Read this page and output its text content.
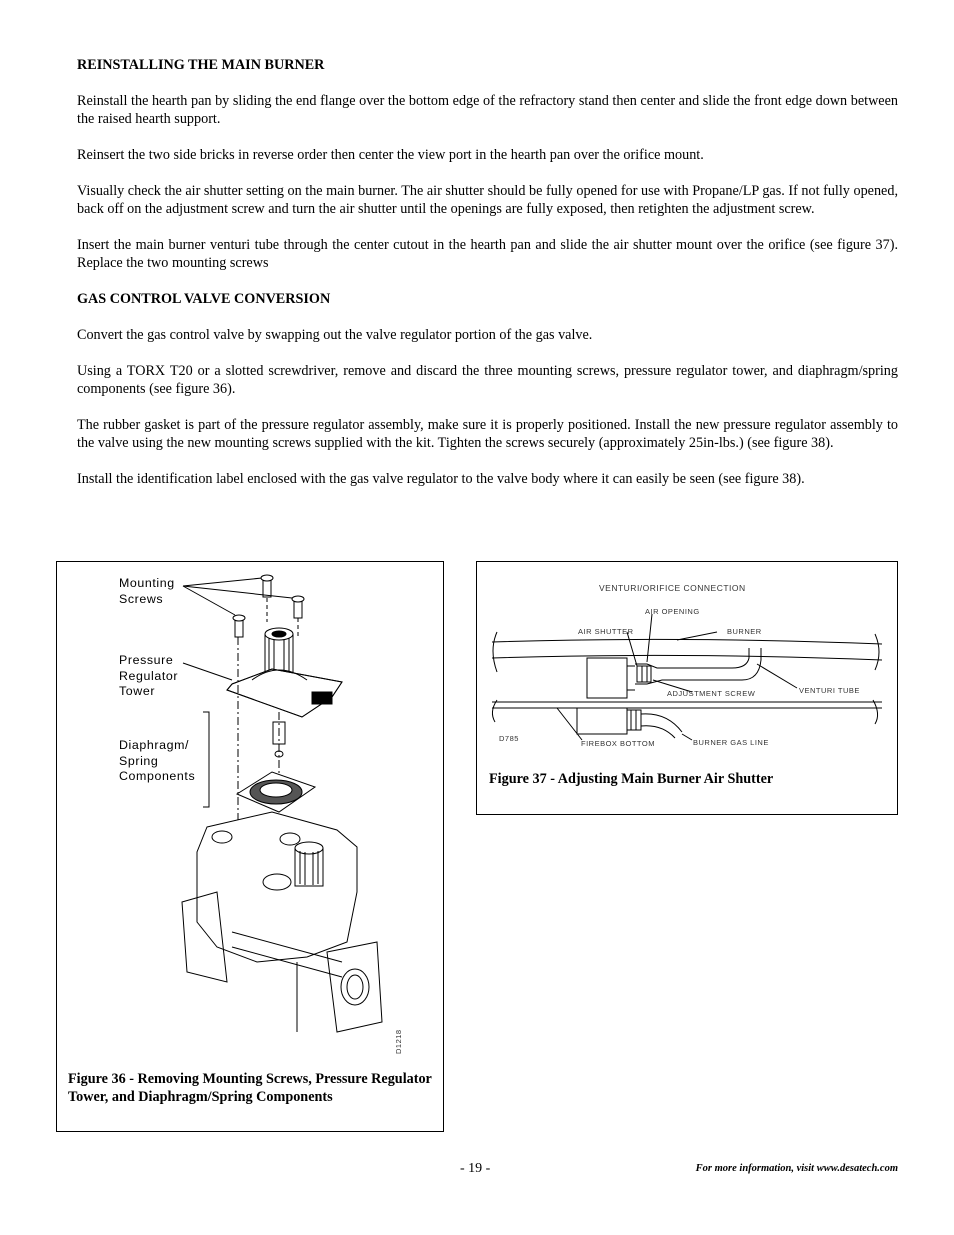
REINSTALLING THE MAIN BURNER

Reinstall the hearth pan by sliding the end flange over the bottom edge of the refractory stand then center and slide the front edge down between the raised hearth support.

Reinsert the two side bricks in reverse order then center the view port in the hearth pan over the orifice mount.

Visually check the air shutter setting on the main burner. The air shutter should be fully opened for use with Propane/LP gas. If not fully opened, back off on the adjustment screw and turn the air shutter until the openings are fully exposed, then retighten the adjustment screw.

Insert the main burner venturi tube through the center cutout in the hearth pan and slide the air shutter mount over the orifice (see figure 37). Replace the two mounting screws

GAS CONTROL VALVE CONVERSION

Convert the gas control valve by swapping out the valve regulator portion of the gas valve.

Using a TORX T20 or a slotted screwdriver, remove and discard the three mounting screws, pressure regulator tower, and diaphragm/spring components (see figure 36).

The rubber gasket is part of the pressure regulator assembly, make sure it is properly positioned. Install the new pressure regulator assembly to the valve using the new mounting screws supplied with the kit. Tighten the screws securely (approximately 25in-lbs.) (see figure 38).

Install the identification label enclosed with the gas valve regulator to the valve body where it can easily be seen (see figure 38).

D1218
Mounting
Screws
Pressure
Regulator
Tower
Diaphragm/
Spring
Components
Figure 36 - Removing Mounting Screws, Pressure Regulator Tower, and Diaphragm/Spring Components
VENTURI/ORIFICE CONNECTION
AIR OPENING
AIR SHUTTER	BURNER
VENTURI TUBE
ADJUSTMENT SCREW
FIREBOX BOTTOM	BURNER GAS LINE
D785
Figure 37 - Adjusting Main Burner Air Shutter
- 19 -	For more information, visit www.desatech.com
